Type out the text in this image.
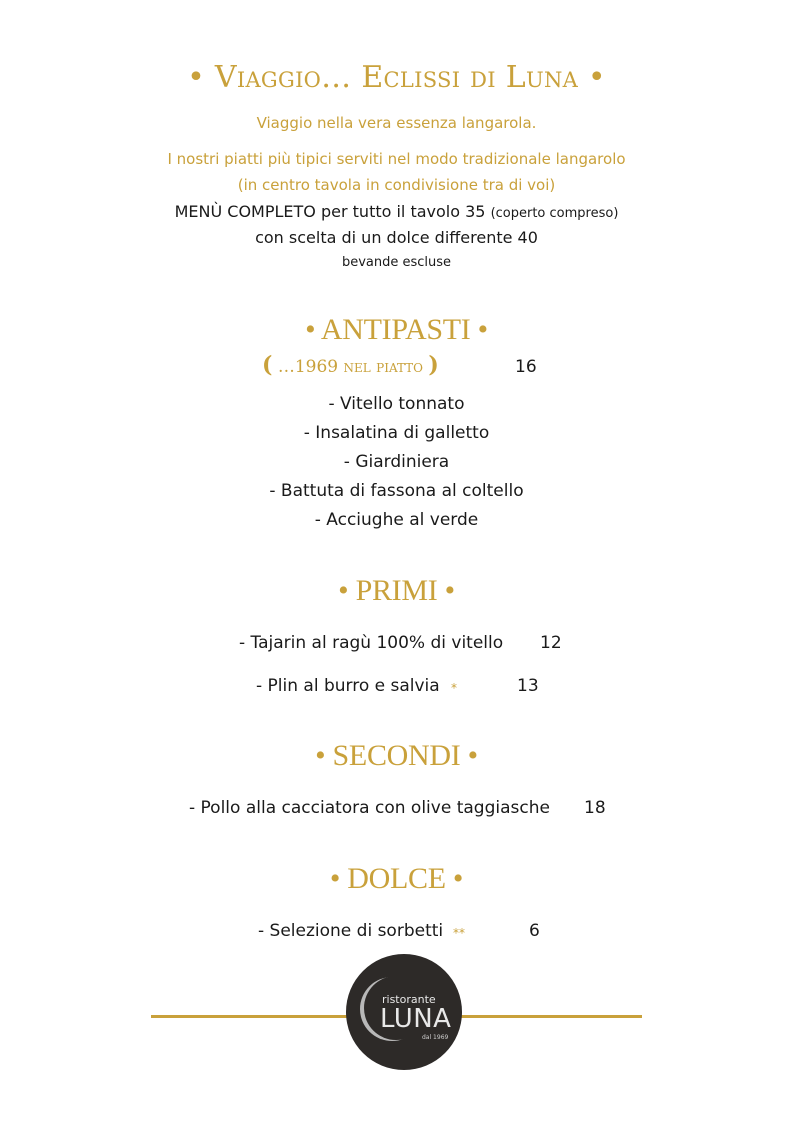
• Viaggio… Eclissi di Luna •
Viaggio nella vera essenza langarola.
I nostri piatti più tipici serviti nel modo tradizionale langarolo
(in centro tavola in condivisione tra di voi)
MENÙ COMPLETO per tutto il tavolo 35 (coperto compreso)
con scelta di un dolce differente 40
bevande escluse
• ANTIPASTI •
( …1969 nel piatto )	16
- Vitello tonnato
- Insalatina di galletto
- Giardiniera
- Battuta di fassona al coltello
- Acciughe al verde
• PRIMI •
- Tajarin al ragù 100% di vitello 12
- Plin al burro e salvia *	13
• SECONDI •
- Pollo alla cacciatora con olive taggiasche 18
• DOLCE •
- Selezione di sorbetti **	6
ristorante
LUNA
dal 1969
